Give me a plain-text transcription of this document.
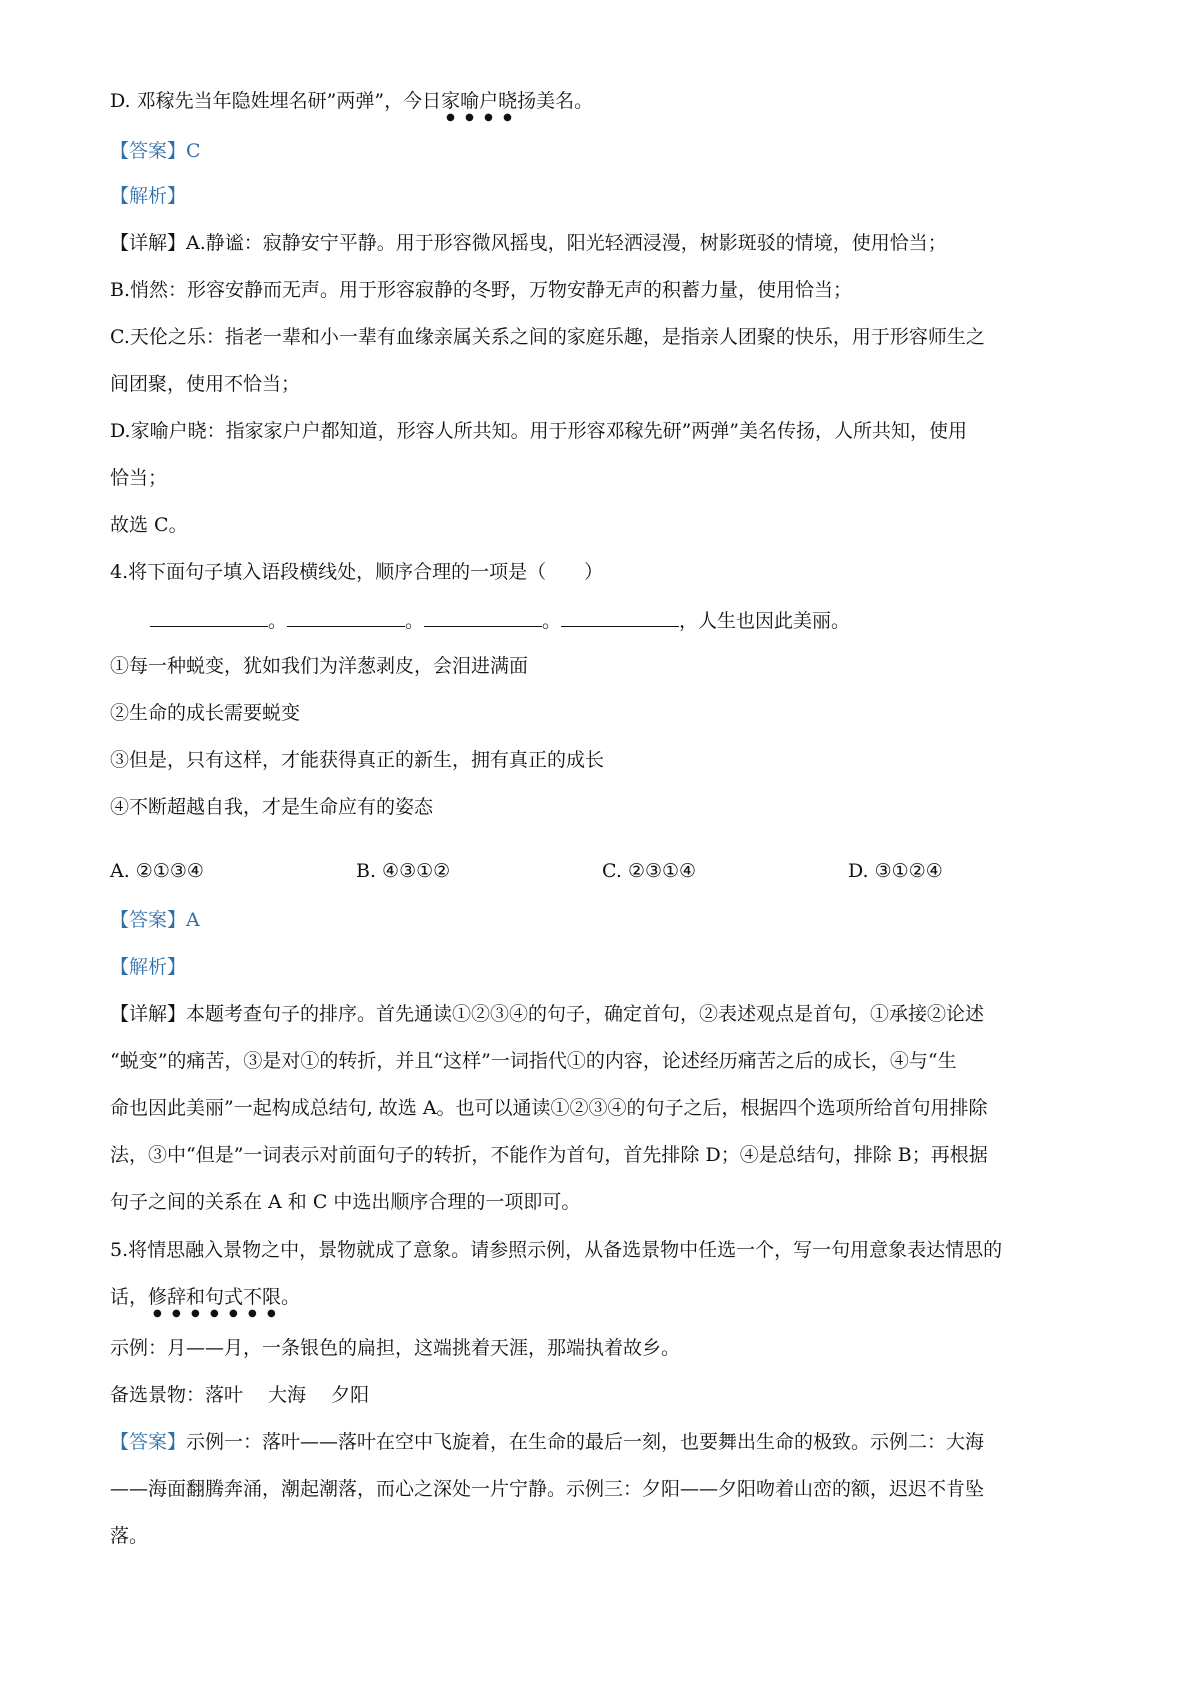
D. 邓稼先当年隐姓埋名研”两弹”，今日家喻户晓扬美名。
【答案】C
【解析】
【详解】A.静谧：寂静安宁平静。用于形容微风摇曳，阳光轻洒浸漫，树影斑驳的情境，使用恰当；
B.悄然：形容安静而无声。用于形容寂静的冬野，万物安静无声的积蓄力量，使用恰当；
C.天伦之乐：指老一辈和小一辈有血缘亲属关系之间的家庭乐趣，是指亲人团聚的快乐，用于形容师生之
间团聚，使用不恰当；
D.家喻户晓：指家家户户都知道，形容人所共知。用于形容邓稼先研”两弹”美名传扬，人所共知，使用
恰当；
故选 C。
4.将下面句子填入语段横线处，顺序合理的一项是（　　）
。	。	。	，人生也因此美丽。
①每一种蜕变，犹如我们为洋葱剥皮，会泪进满面
②生命的成长需要蜕变
③但是，只有这样，才能获得真正的新生，拥有真正的成长
④不断超越自我，才是生命应有的姿态
A. ②①③④	B. ④③①②	C. ②③①④	D. ③①②④
【答案】A
【解析】
【详解】本题考查句子的排序。首先通读①②③④的句子，确定首句，②表述观点是首句，①承接②论述
“蜕变”的痛苦，③是对①的转折，并且“这样”一词指代①的内容，论述经历痛苦之后的成长，④与“生
命也因此美丽”一起构成总结句, 故选 A。也可以通读①②③④的句子之后，根据四个选项所给首句用排除
法，③中“但是”一词表示对前面句子的转折，不能作为首句，首先排除 D；④是总结句，排除 B；再根据
句子之间的关系在 A 和 C 中选出顺序合理的一项即可。
5.将情思融入景物之中，景物就成了意象。请参照示例，从备选景物中任选一个，写一句用意象表达情思的
话，修辞和句式不限。
示例：月——月，一条银色的扁担，这端挑着天涯，那端执着故乡。
备选景物：落叶　 大海　 夕阳
【答案】示例一：落叶——落叶在空中飞旋着，在生命的最后一刻，也要舞出生命的极致。示例二：大海
——海面翻腾奔涌，潮起潮落，而心之深处一片宁静。示例三：夕阳——夕阳吻着山峦的额，迟迟不肯坠
落。
